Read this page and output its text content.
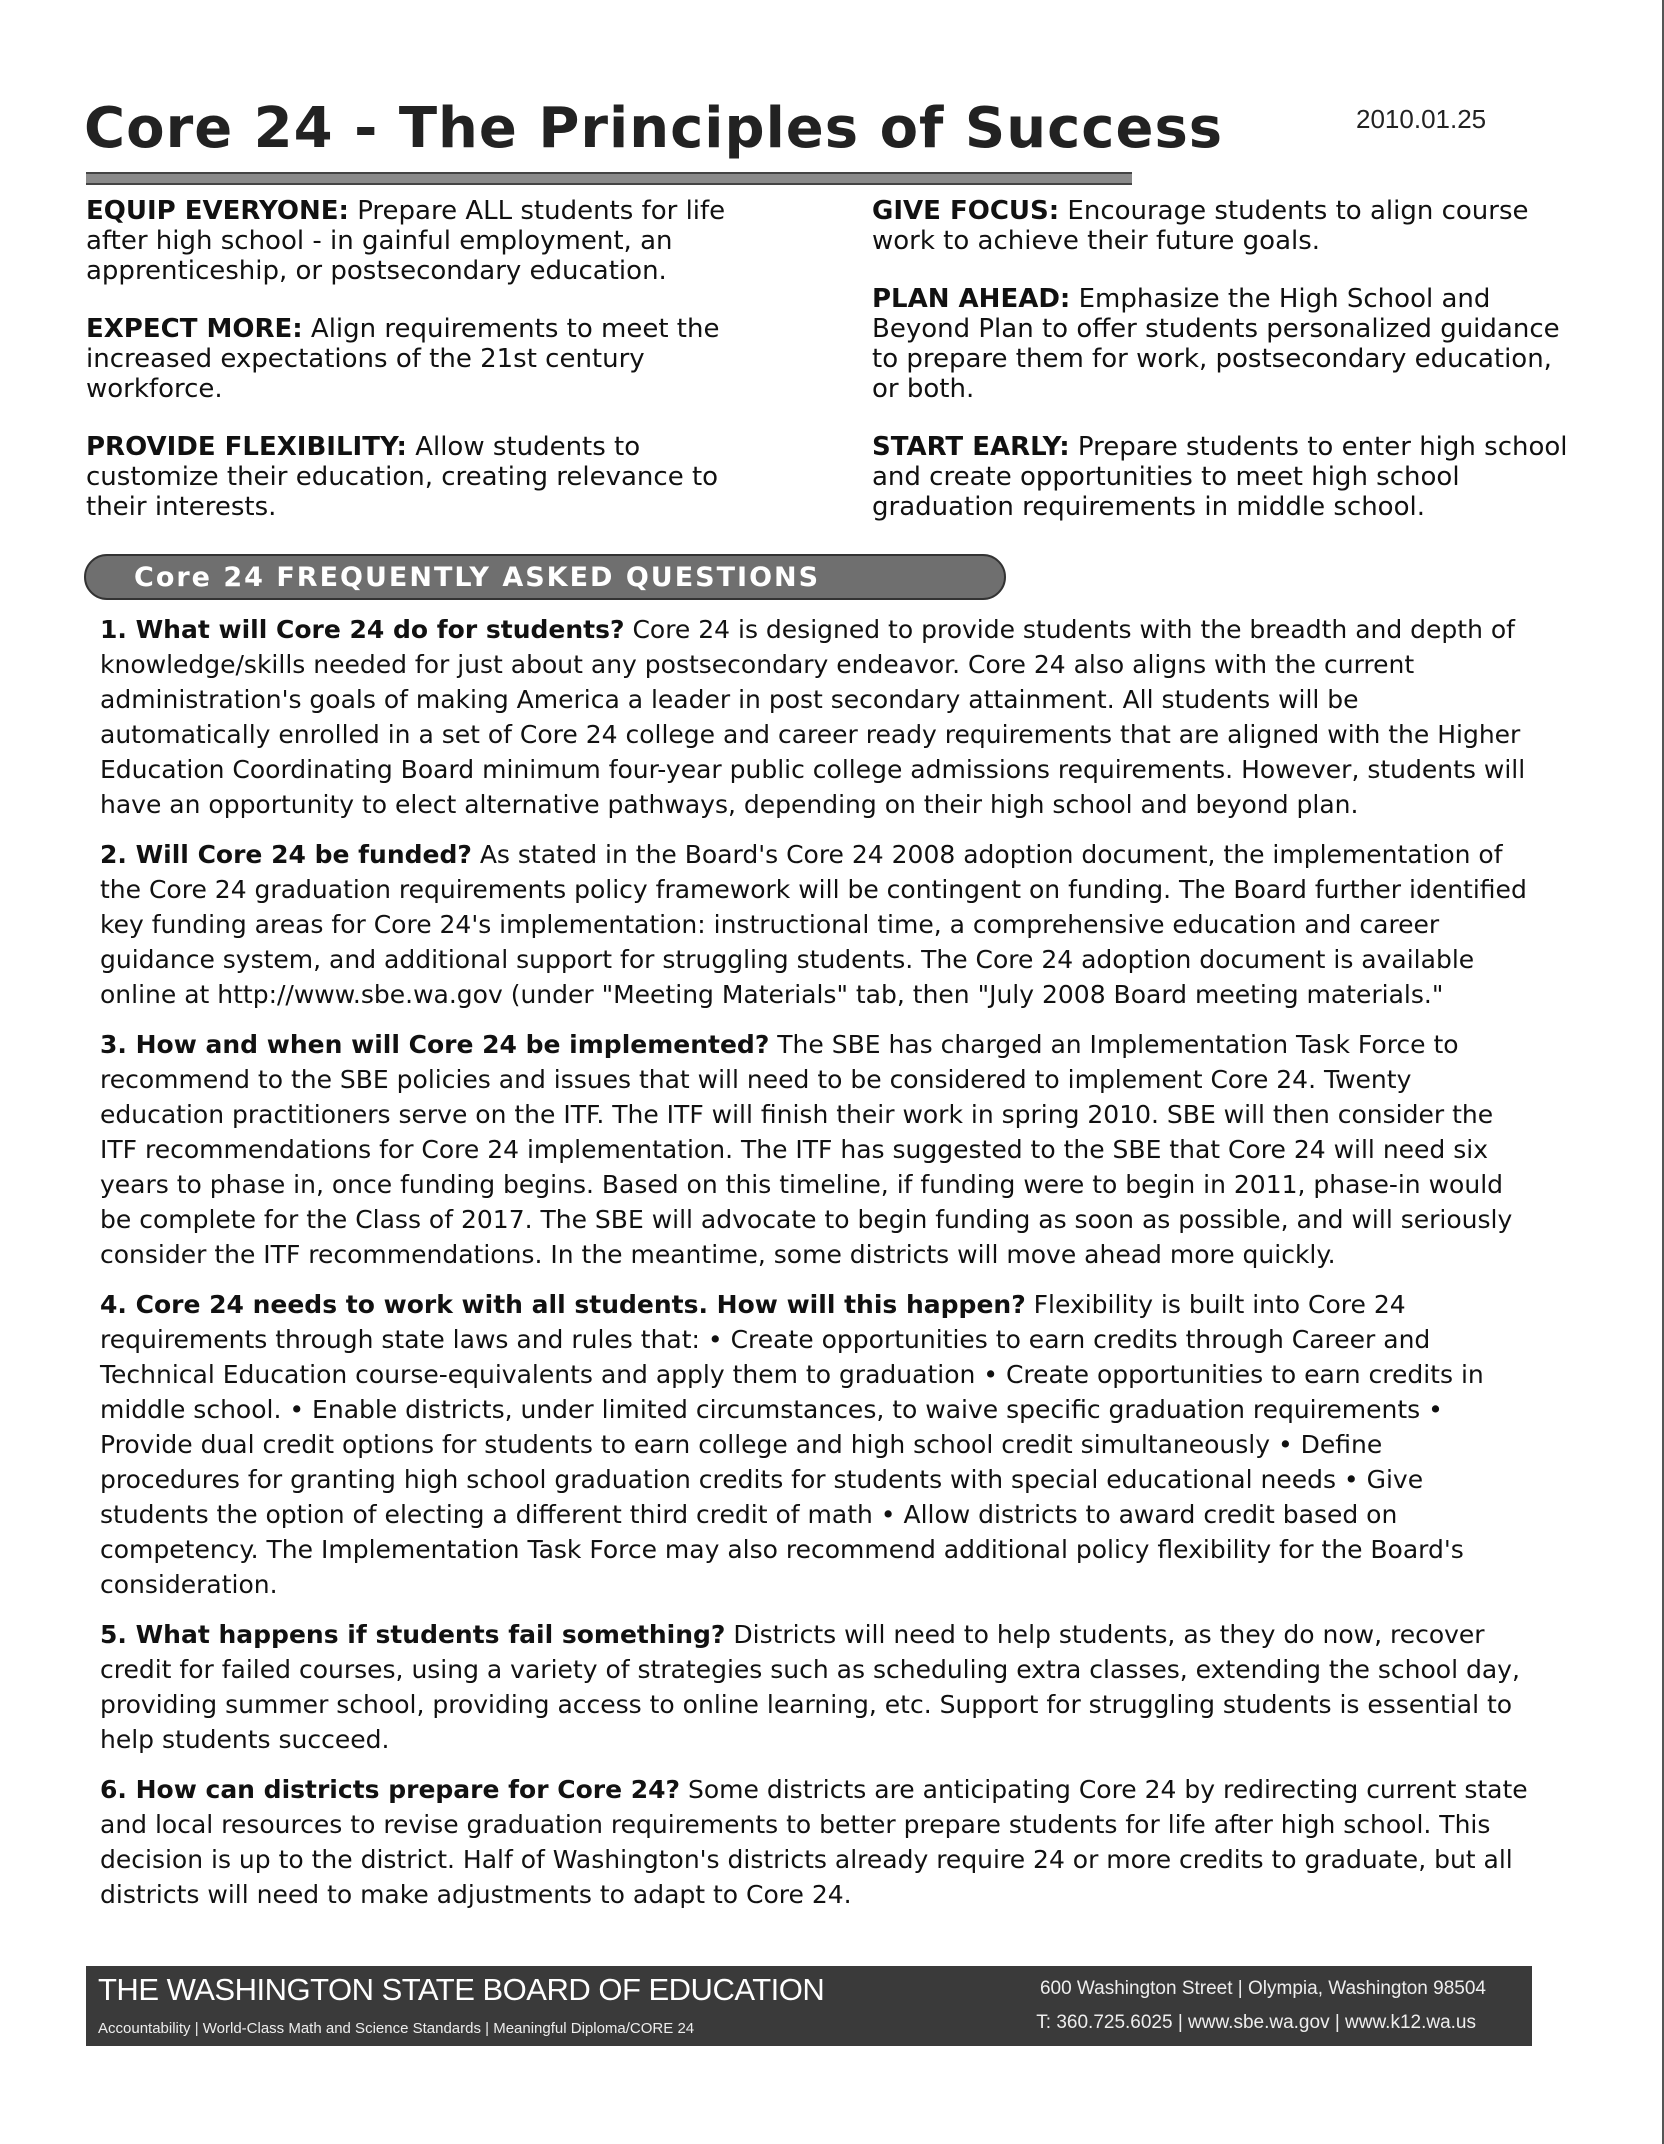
Core 24 - The Principles of Success	2010.01.25

EQUIP EVERYONE: Prepare ALL students for life after high school - in gainful employment, an apprenticeship, or postsecondary education.

EXPECT MORE: Align requirements to meet the increased expectations of the 21st century workforce.

PROVIDE FLEXIBILITY: Allow students to customize their education, creating relevance to their interests.

GIVE FOCUS: Encourage students to align course work to achieve their future goals.

PLAN AHEAD: Emphasize the High School and Beyond Plan to offer students personalized guidance to prepare them for work, postsecondary education, or both.

START EARLY: Prepare students to enter high school and create opportunities to meet high school graduation requirements in middle school.

Core 24 FREQUENTLY ASKED QUESTIONS

1. What will Core 24 do for students? Core 24 is designed to provide students with the breadth and depth of knowledge/skills needed for just about any postsecondary endeavor. Core 24 also aligns with the current administration's goals of making America a leader in post secondary attainment. All students will be automatically enrolled in a set of Core 24 college and career ready requirements that are aligned with the Higher Education Coordinating Board minimum four-year public college admissions requirements. However, students will have an opportunity to elect alternative pathways, depending on their high school and beyond plan.

2. Will Core 24 be funded? As stated in the Board's Core 24 2008 adoption document, the implementation of the Core 24 graduation requirements policy framework will be contingent on funding. The Board further identified key funding areas for Core 24's implementation: instructional time, a comprehensive education and career guidance system, and additional support for struggling students. The Core 24 adoption document is available online at http://www.sbe.wa.gov (under "Meeting Materials" tab, then "July 2008 Board meeting materials."

3. How and when will Core 24 be implemented? The SBE has charged an Implementation Task Force to recommend to the SBE policies and issues that will need to be considered to implement Core 24. Twenty education practitioners serve on the ITF. The ITF will finish their work in spring 2010. SBE will then consider the ITF recommendations for Core 24 implementation. The ITF has suggested to the SBE that Core 24 will need six years to phase in, once funding begins. Based on this timeline, if funding were to begin in 2011, phase-in would be complete for the Class of 2017. The SBE will advocate to begin funding as soon as possible, and will seriously consider the ITF recommendations. In the meantime, some districts will move ahead more quickly.

4. Core 24 needs to work with all students. How will this happen? Flexibility is built into Core 24 requirements through state laws and rules that: • Create opportunities to earn credits through Career and Technical Education course-equivalents and apply them to graduation • Create opportunities to earn credits in middle school. • Enable districts, under limited circumstances, to waive specific graduation requirements • Provide dual credit options for students to earn college and high school credit simultaneously • Define procedures for granting high school graduation credits for students with special educational needs • Give students the option of electing a different third credit of math • Allow districts to award credit based on competency. The Implementation Task Force may also recommend additional policy flexibility for the Board's consideration.

5. What happens if students fail something? Districts will need to help students, as they do now, recover credit for failed courses, using a variety of strategies such as scheduling extra classes, extending the school day, providing summer school, providing access to online learning, etc. Support for struggling students is essential to help students succeed.

6. How can districts prepare for Core 24? Some districts are anticipating Core 24 by redirecting current state and local resources to revise graduation requirements to better prepare students for life after high school. This decision is up to the district. Half of Washington's districts already require 24 or more credits to graduate, but all districts will need to make adjustments to adapt to Core 24.

THE WASHINGTON STATE BOARD OF EDUCATION
Accountability | World-Class Math and Science Standards | Meaningful Diploma/CORE 24
600 Washington Street | Olympia, Washington 98504
T: 360.725.6025 | www.sbe.wa.gov | www.k12.wa.us
